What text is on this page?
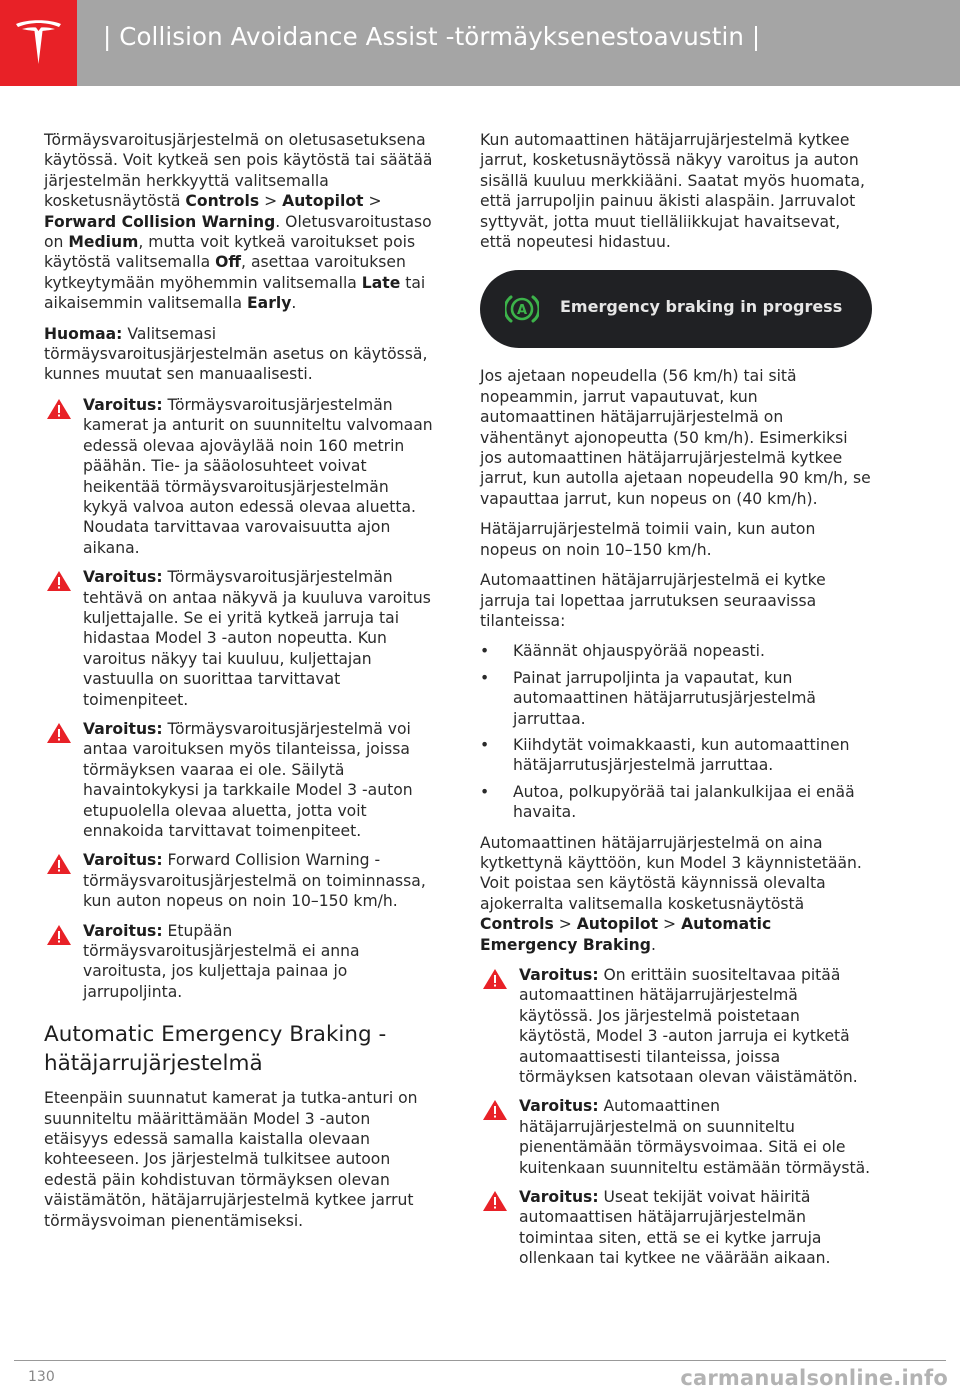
| Collision Avoidance Assist -törmäyksenestoavustin |

Törmäysvaroitusjärjestelmä on oletusasetuksena käytössä. Voit kytkeä sen pois käytöstä tai säätää järjestelmän herkkyyttä valitsemalla kosketusnäytöstä Controls > Autopilot > Forward Collision Warning. Oletusvaroitustaso on Medium, mutta voit kytkeä varoitukset pois käytöstä valitsemalla Off, asettaa varoituksen kytkeytymään myöhemmin valitsemalla Late tai aikaisemmin valitsemalla Early.

Huomaa: Valitsemasi törmäysvaroitusjärjestelmän asetus on käytössä, kunnes muutat sen manuaalisesti.

Varoitus: Törmäysvaroitusjärjestelmän kamerat ja anturit on suunniteltu valvomaan edessä olevaa ajoväylää noin 160 metrin päähän. Tie- ja sääolosuhteet voivat heikentää törmäysvaroitusjärjestelmän kykyä valvoa auton edessä olevaa aluetta. Noudata tarvittavaa varovaisuutta ajon aikana.
Varoitus: Törmäysvaroitusjärjestelmän tehtävä on antaa näkyvä ja kuuluva varoitus kuljettajalle. Se ei yritä kytkeä jarruja tai hidastaa Model 3 -auton nopeutta. Kun varoitus näkyy tai kuuluu, kuljettajan vastuulla on suorittaa tarvittavat toimenpiteet.
Varoitus: Törmäysvaroitusjärjestelmä voi antaa varoituksen myös tilanteissa, joissa törmäyksen vaaraa ei ole. Säilytä havaintokykysi ja tarkkaile Model 3 -auton etupuolella olevaa aluetta, jotta voit ennakoida tarvittavat toimenpiteet.
Varoitus: Forward Collision Warning -törmäysvaroitusjärjestelmä on toiminnassa, kun auton nopeus on noin 10–150 km/h.
Varoitus: Etupään törmäysvaroitusjärjestelmä ei anna varoitusta, jos kuljettaja painaa jo jarrupoljinta.
Automatic Emergency Braking -hätäjarrujärjestelmä

Eteenpäin suunnatut kamerat ja tutka-anturi on suunniteltu määrittämään Model 3 -auton etäisyys edessä samalla kaistalla olevaan kohteeseen. Jos järjestelmä tulkitsee autoon edestä päin kohdistuvan törmäyksen olevan väistämätön, hätäjarrujärjestelmä kytkee jarrut törmäysvoiman pienentämiseksi.

Kun automaattinen hätäjarrujärjestelmä kytkee jarrut, kosketusnäytössä näkyy varoitus ja auton sisällä kuuluu merkkiääni. Saatat myös huomata, että jarrupoljin painuu äkisti alaspäin. Jarruvalot syttyvät, jotta muut tielläliikkujat havaitsevat, että nopeutesi hidastuu.

A Emergency braking in progress

Jos ajetaan nopeudella (56 km/h) tai sitä nopeammin, jarrut vapautuvat, kun automaattinen hätäjarrujärjestelmä on vähentänyt ajonopeutta (50 km/h). Esimerkiksi jos automaattinen hätäjarrujärjestelmä kytkee jarrut, kun autolla ajetaan nopeudella 90 km/h, se vapauttaa jarrut, kun nopeus on (40 km/h).

Hätäjarrujärjestelmä toimii vain, kun auton nopeus on noin 10–150 km/h.

Automaattinen hätäjarrujärjestelmä ei kytke jarruja tai lopettaa jarrutuksen seuraavissa tilanteissa:

• Käännät ohjauspyörää nopeasti.
• Painat jarrupoljinta ja vapautat, kun automaattinen hätäjarrutusjärjestelmä jarruttaa.
• Kiihdytät voimakkaasti, kun automaattinen hätäjarrutusjärjestelmä jarruttaa.
• Autoa, polkupyörää tai jalankulkijaa ei enää havaita.

Automaattinen hätäjarrujärjestelmä on aina kytkettynä käyttöön, kun Model 3 käynnistetään. Voit poistaa sen käytöstä käynnissä olevalta ajokerralta valitsemalla kosketusnäytöstä Controls > Autopilot > Automatic Emergency Braking.

Varoitus: On erittäin suositeltavaa pitää automaattinen hätäjarrujärjestelmä käytössä. Jos järjestelmä poistetaan käytöstä, Model 3 -auton jarruja ei kytketä automaattisesti tilanteissa, joissa törmäyksen katsotaan olevan väistämätön.
Varoitus: Automaattinen hätäjarrujärjestelmä on suunniteltu pienentämään törmäysvoimaa. Sitä ei ole kuitenkaan suunniteltu estämään törmäystä.
Varoitus: Useat tekijät voivat häiritä automaattisen hätäjarrujärjestelmän toimintaa siten, että se ei kytke jarruja ollenkaan tai kytkee ne väärään aikaan.
130	carmanualsonline.info
